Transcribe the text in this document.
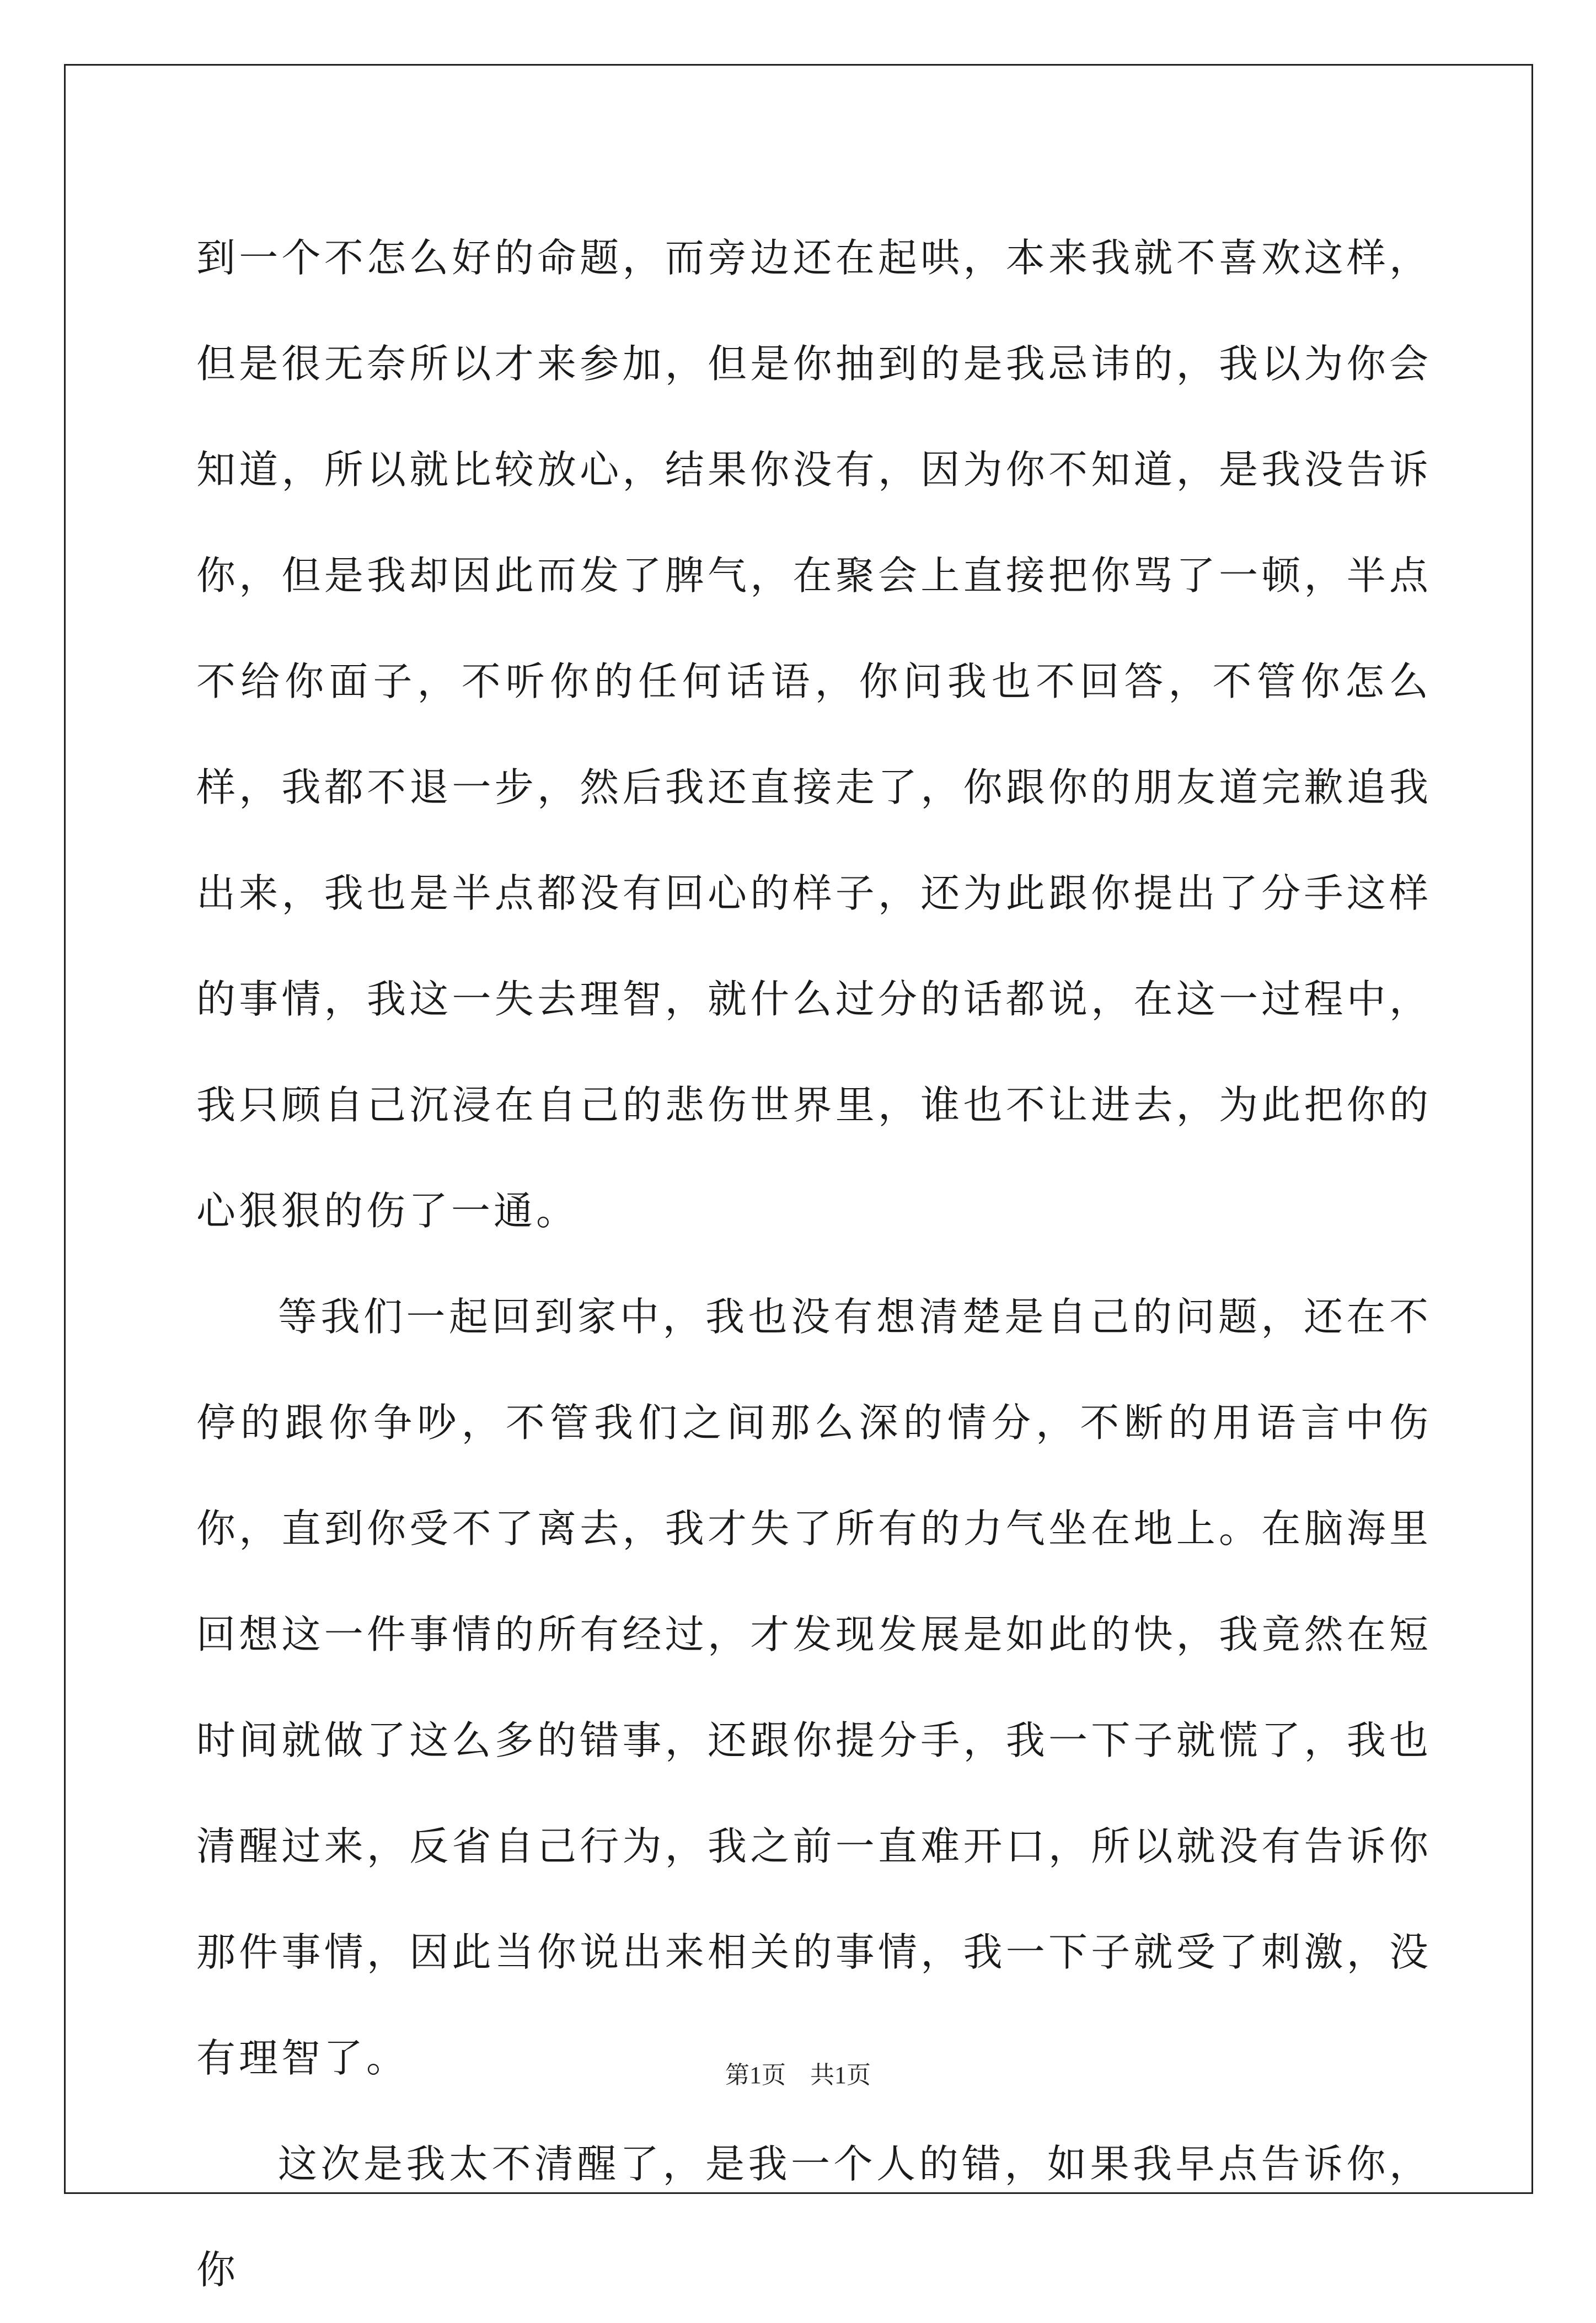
到一个不怎么好的命题，而旁边还在起哄，本来我就不喜欢这样，但是很无奈所以才来参加，但是你抽到的是我忌讳的，我以为你会知道，所以就比较放心，结果你没有，因为你不知道，是我没告诉你，但是我却因此而发了脾气，在聚会上直接把你骂了一顿，半点不给你面子，不听你的任何话语，你问我也不回答，不管你怎么样，我都不退一步，然后我还直接走了，你跟你的朋友道完歉追我出来，我也是半点都没有回心的样子，还为此跟你提出了分手这样的事情，我这一失去理智，就什么过分的话都说，在这一过程中，我只顾自己沉浸在自己的悲伤世界里，谁也不让进去，为此把你的心狠狠的伤了一通。

等我们一起回到家中，我也没有想清楚是自己的问题，还在不停的跟你争吵，不管我们之间那么深的情分，不断的用语言中伤你，直到你受不了离去，我才失了所有的力气坐在地上。在脑海里回想这一件事情的所有经过，才发现发展是如此的快，我竟然在短时间就做了这么多的错事，还跟你提分手，我一下子就慌了，我也清醒过来，反省自己行为，我之前一直难开口，所以就没有告诉你那件事情，因此当你说出来相关的事情，我一下子就受了刺激，没有理智了。

这次是我太不清醒了，是我一个人的错，如果我早点告诉你，你

第1页　共1页
